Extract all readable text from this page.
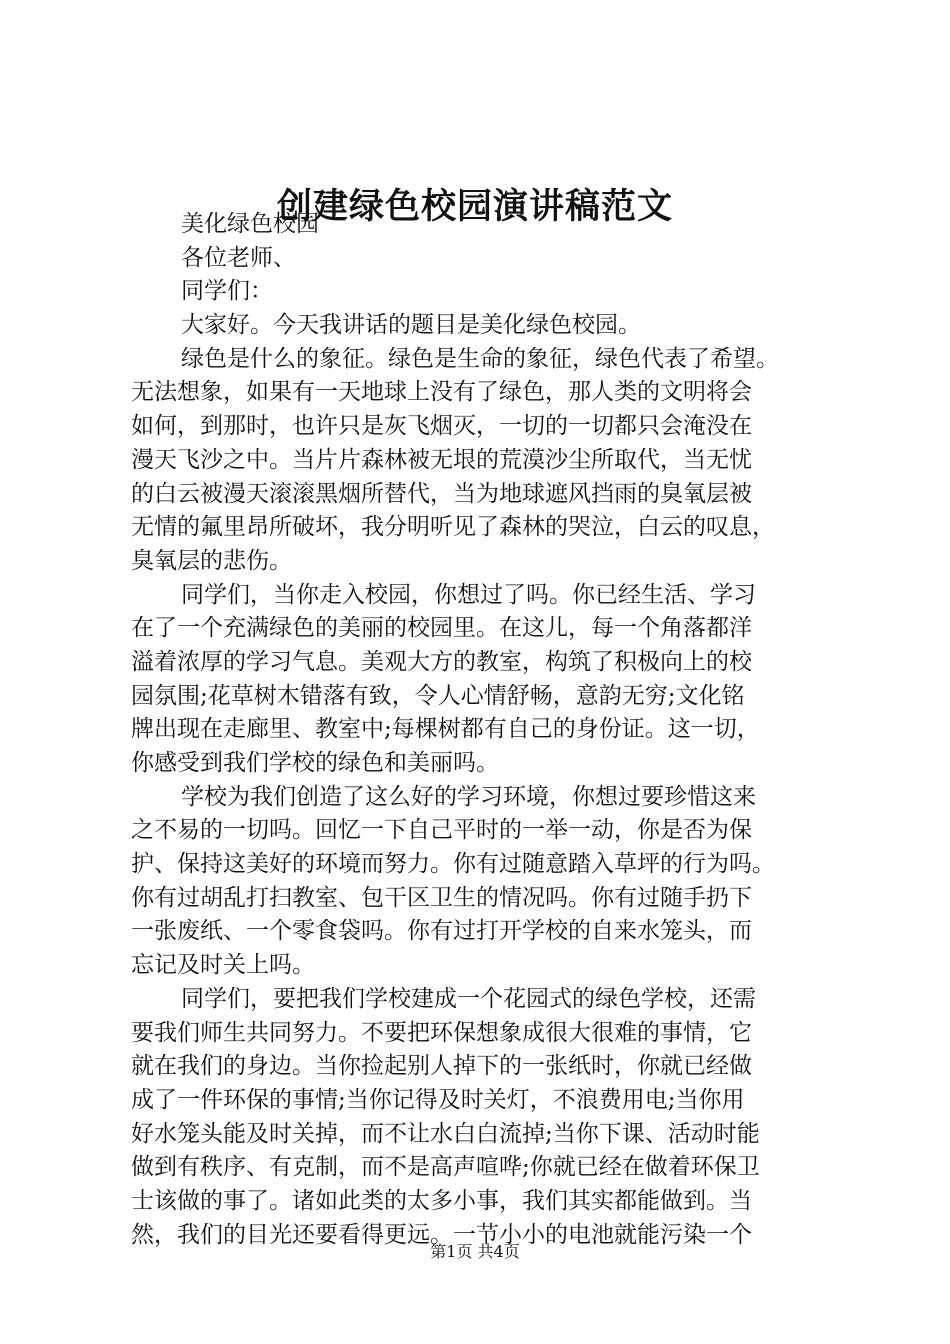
创建绿色校园演讲稿范文

美化绿色校园

各位老师、

同学们：

大家好。今天我讲话的题目是美化绿色校园。

绿色是什么的象征。绿色是生命的象征，绿色代表了希望。

无法想象，如果有一天地球上没有了绿色，那人类的文明将会

如何，到那时，也许只是灰飞烟灭，一切的一切都只会淹没在

漫天飞沙之中。当片片森林被无垠的荒漠沙尘所取代，当无忧

的白云被漫天滚滚黑烟所替代，当为地球遮风挡雨的臭氧层被

无情的氟里昂所破坏，我分明听见了森林的哭泣，白云的叹息，

臭氧层的悲伤。

同学们，当你走入校园，你想过了吗。你已经生活、学习

在了一个充满绿色的美丽的校园里。在这儿，每一个角落都洋

溢着浓厚的学习气息。美观大方的教室，构筑了积极向上的校

园氛围;花草树木错落有致，令人心情舒畅，意韵无穷;文化铭

牌出现在走廊里、教室中;每棵树都有自己的身份证。这一切，

你感受到我们学校的绿色和美丽吗。

学校为我们创造了这么好的学习环境，你想过要珍惜这来

之不易的一切吗。回忆一下自己平时的一举一动，你是否为保

护、保持这美好的环境而努力。你有过随意踏入草坪的行为吗。

你有过胡乱打扫教室、包干区卫生的情况吗。你有过随手扔下

一张废纸、一个零食袋吗。你有过打开学校的自来水笼头，而

忘记及时关上吗。

同学们，要把我们学校建成一个花园式的绿色学校，还需

要我们师生共同努力。不要把环保想象成很大很难的事情，它

就在我们的身边。当你捡起别人掉下的一张纸时，你就已经做

成了一件环保的事情;当你记得及时关灯，不浪费用电;当你用

好水笼头能及时关掉，而不让水白白流掉;当你下课、活动时能

做到有秩序、有克制，而不是高声喧哗;你就已经在做着环保卫

士该做的事了。诸如此类的太多小事，我们其实都能做到。当

然，我们的目光还要看得更远。一节小小的电池就能污染一个

第1页 共4页
